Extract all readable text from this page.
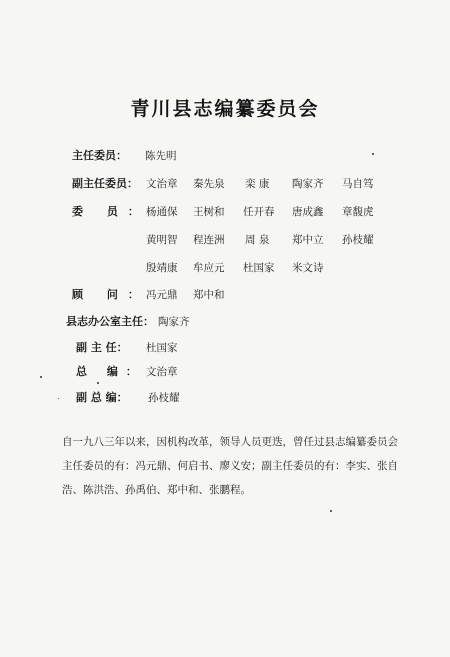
青川县志编纂委员会
主任委员： 陈先明
副主任委员： 文治章 秦先泉 栾 康 陶家齐 马自笃
委 员：
杨通保 王树和 任开春 唐成鑫 章馥虎
黄明智 程连洲 周 泉 郑中立 孙枝耀
殷靖康 牟应元 杜国家 米文诗
顾 问：
冯元鼎 郑中和
县志办公室主任： 陶家齐
副 主 任： 杜国家
总 编： 文治章
副 总 编： 孙枝耀
自一九八三年以来，因机构改革，领导人员更迭，曾任过县志编纂委员会主任委员的有：冯元鼎、何启书、廖义安；副主任委员的有：李实、张自浩、陈洪浩、孙禹伯、郑中和、张鹏程。
